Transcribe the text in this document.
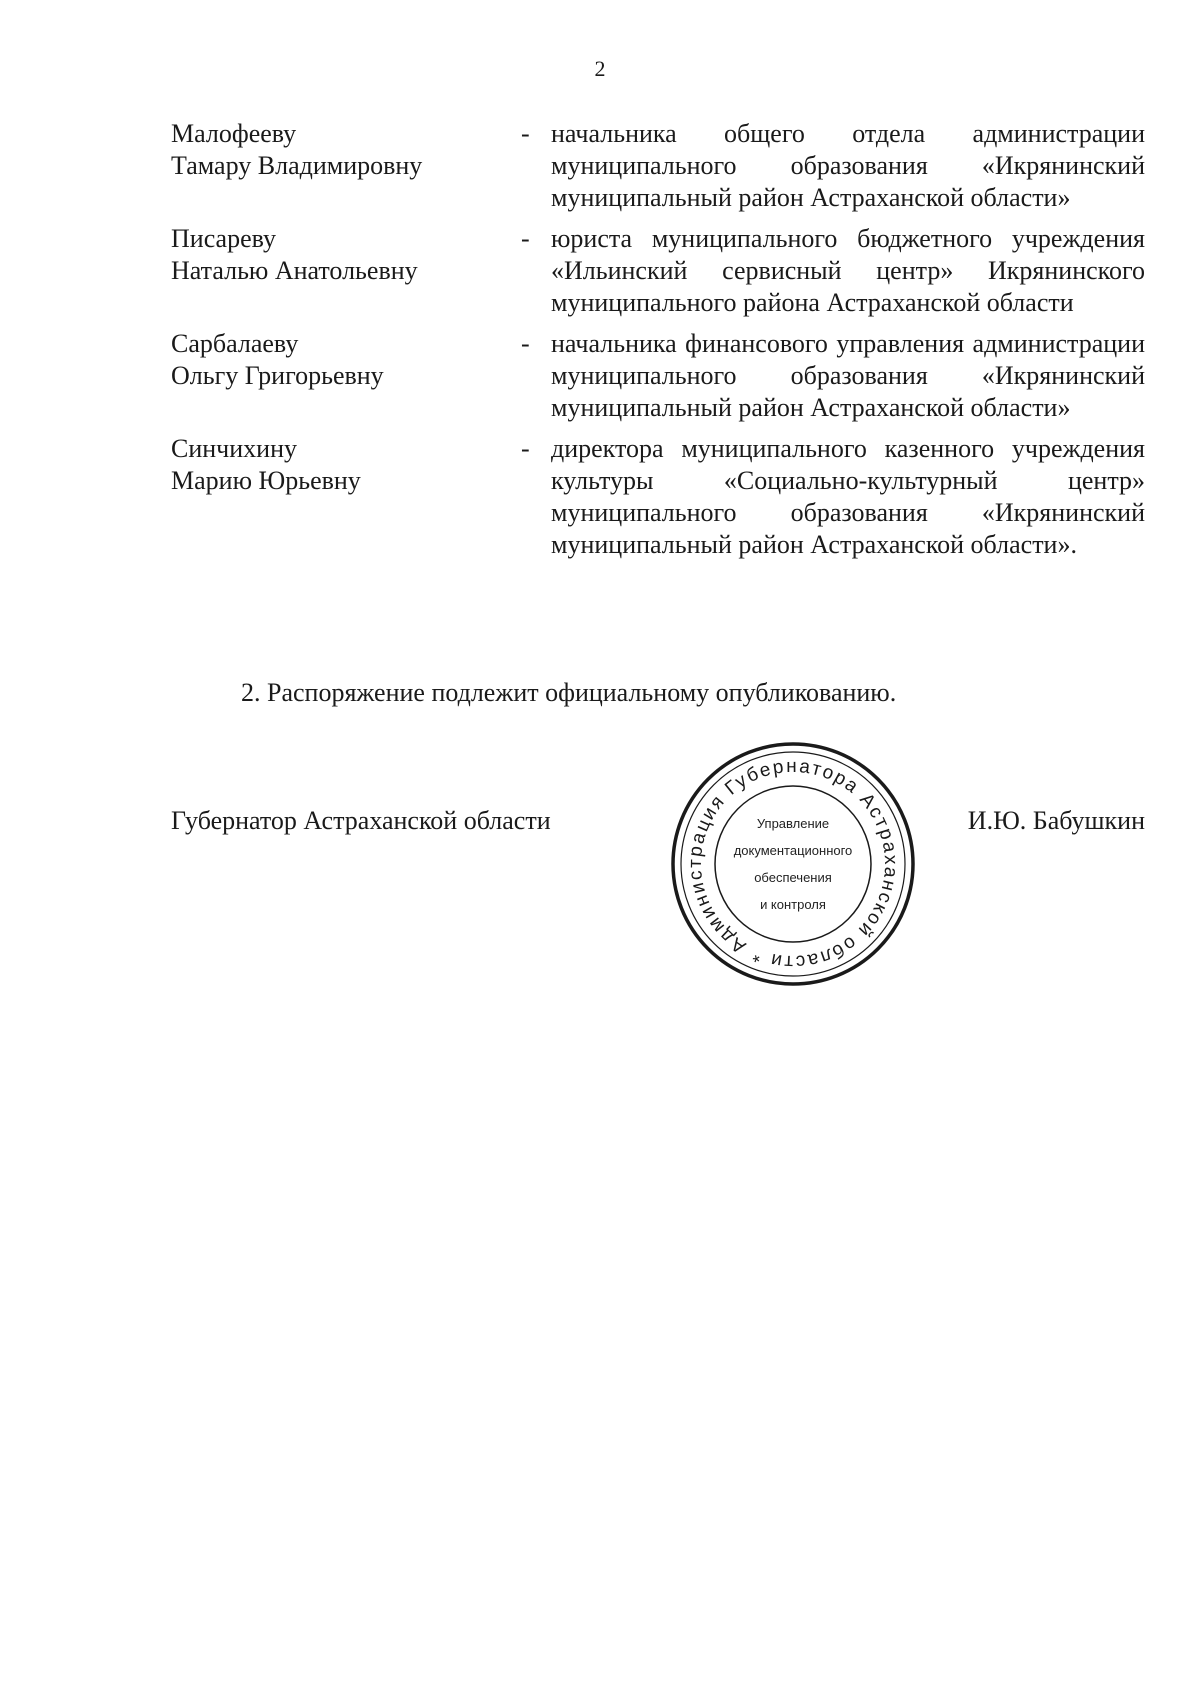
2
Малофееву
Тамару Владимировну
- начальника общего отдела администрации муниципального образования «Икрянинский муниципальный район Астраханской области»
Писареву
Наталью Анатольевну
- юриста муниципального бюджетного учреждения «Ильинский сервисный центр» Икрянинского муниципального района Астраханской области
Сарбалаеву
Ольгу Григорьевну
- начальника финансового управления администрации муниципального образования «Икрянинский муниципальный район Астраханской области»
Синчихину
Марию Юрьевну
- директора муниципального казенного учреждения культуры «Социально-культурный центр» муниципального образования «Икрянинский муниципальный район Астраханской области».
2. Распоряжение подлежит официальному опубликованию.
Губернатор Астраханской области	И.Ю. Бабушкин
Администрация Губернатора Астраханской области *
Управление
документационного
обеспечения
и контроля
